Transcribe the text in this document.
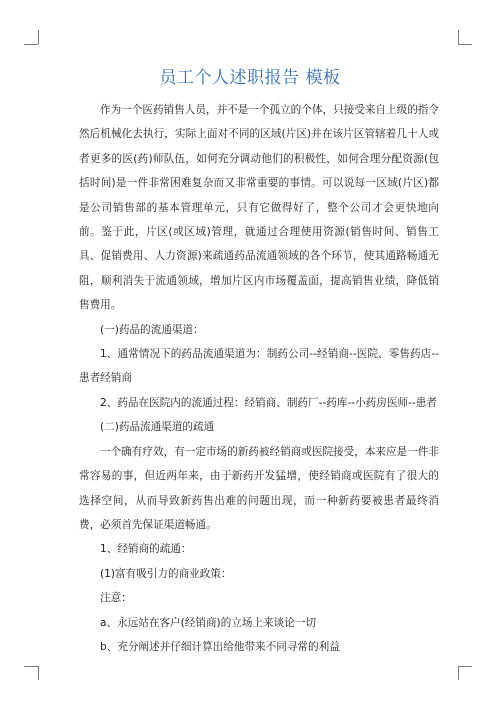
员工个人述职报告 模板

作为一个医药销售人员，并不是一个孤立的个体，只接受来自上级的指令然后机械化去执行，实际上面对不同的区域(片区)并在该片区管辖着几十人或者更多的医(药)师队伍，如何充分调动他们的积极性，如何合理分配资源(包括时间)是一件非常困难复杂而又非常重要的事情。可以说每一区域(片区)都是公司销售部的基本管理单元，只有它做得好了，整个公司才会更快地向前。鉴于此，片区(或区域)管理，就通过合理使用资源(销售时间、销售工具、促销费用、人力资源)来疏通药品流通领域的各个环节，使其通路畅通无阻，顺利消失于流通领域，增加片区内市场覆盖面，提高销售业绩，降低销售费用。

(一)药品的流通渠道：

1、通常情况下的药品流通渠道为：制药公司--经销商--医院、零售药店--患者经销商

2、药品在医院内的流通过程：经销商、制药厂--药库--小药房医师--患者

(二)药品流通渠道的疏通

一个确有疗效，有一定市场的新药被经销商或医院接受，本来应是一件非常容易的事，但近两年来，由于新药开发猛增，使经销商或医院有了很大的选择空间，从而导致新药售出难的问题出现，而一种新药要被患者最终消费，必须首先保证渠道畅通。

1、经销商的疏通：

(1)富有吸引力的商业政策：

注意：

a、永远站在客户(经销商)的立场上来谈论一切

b、充分阐述并仔细计算出给他带来不同寻常的利益
